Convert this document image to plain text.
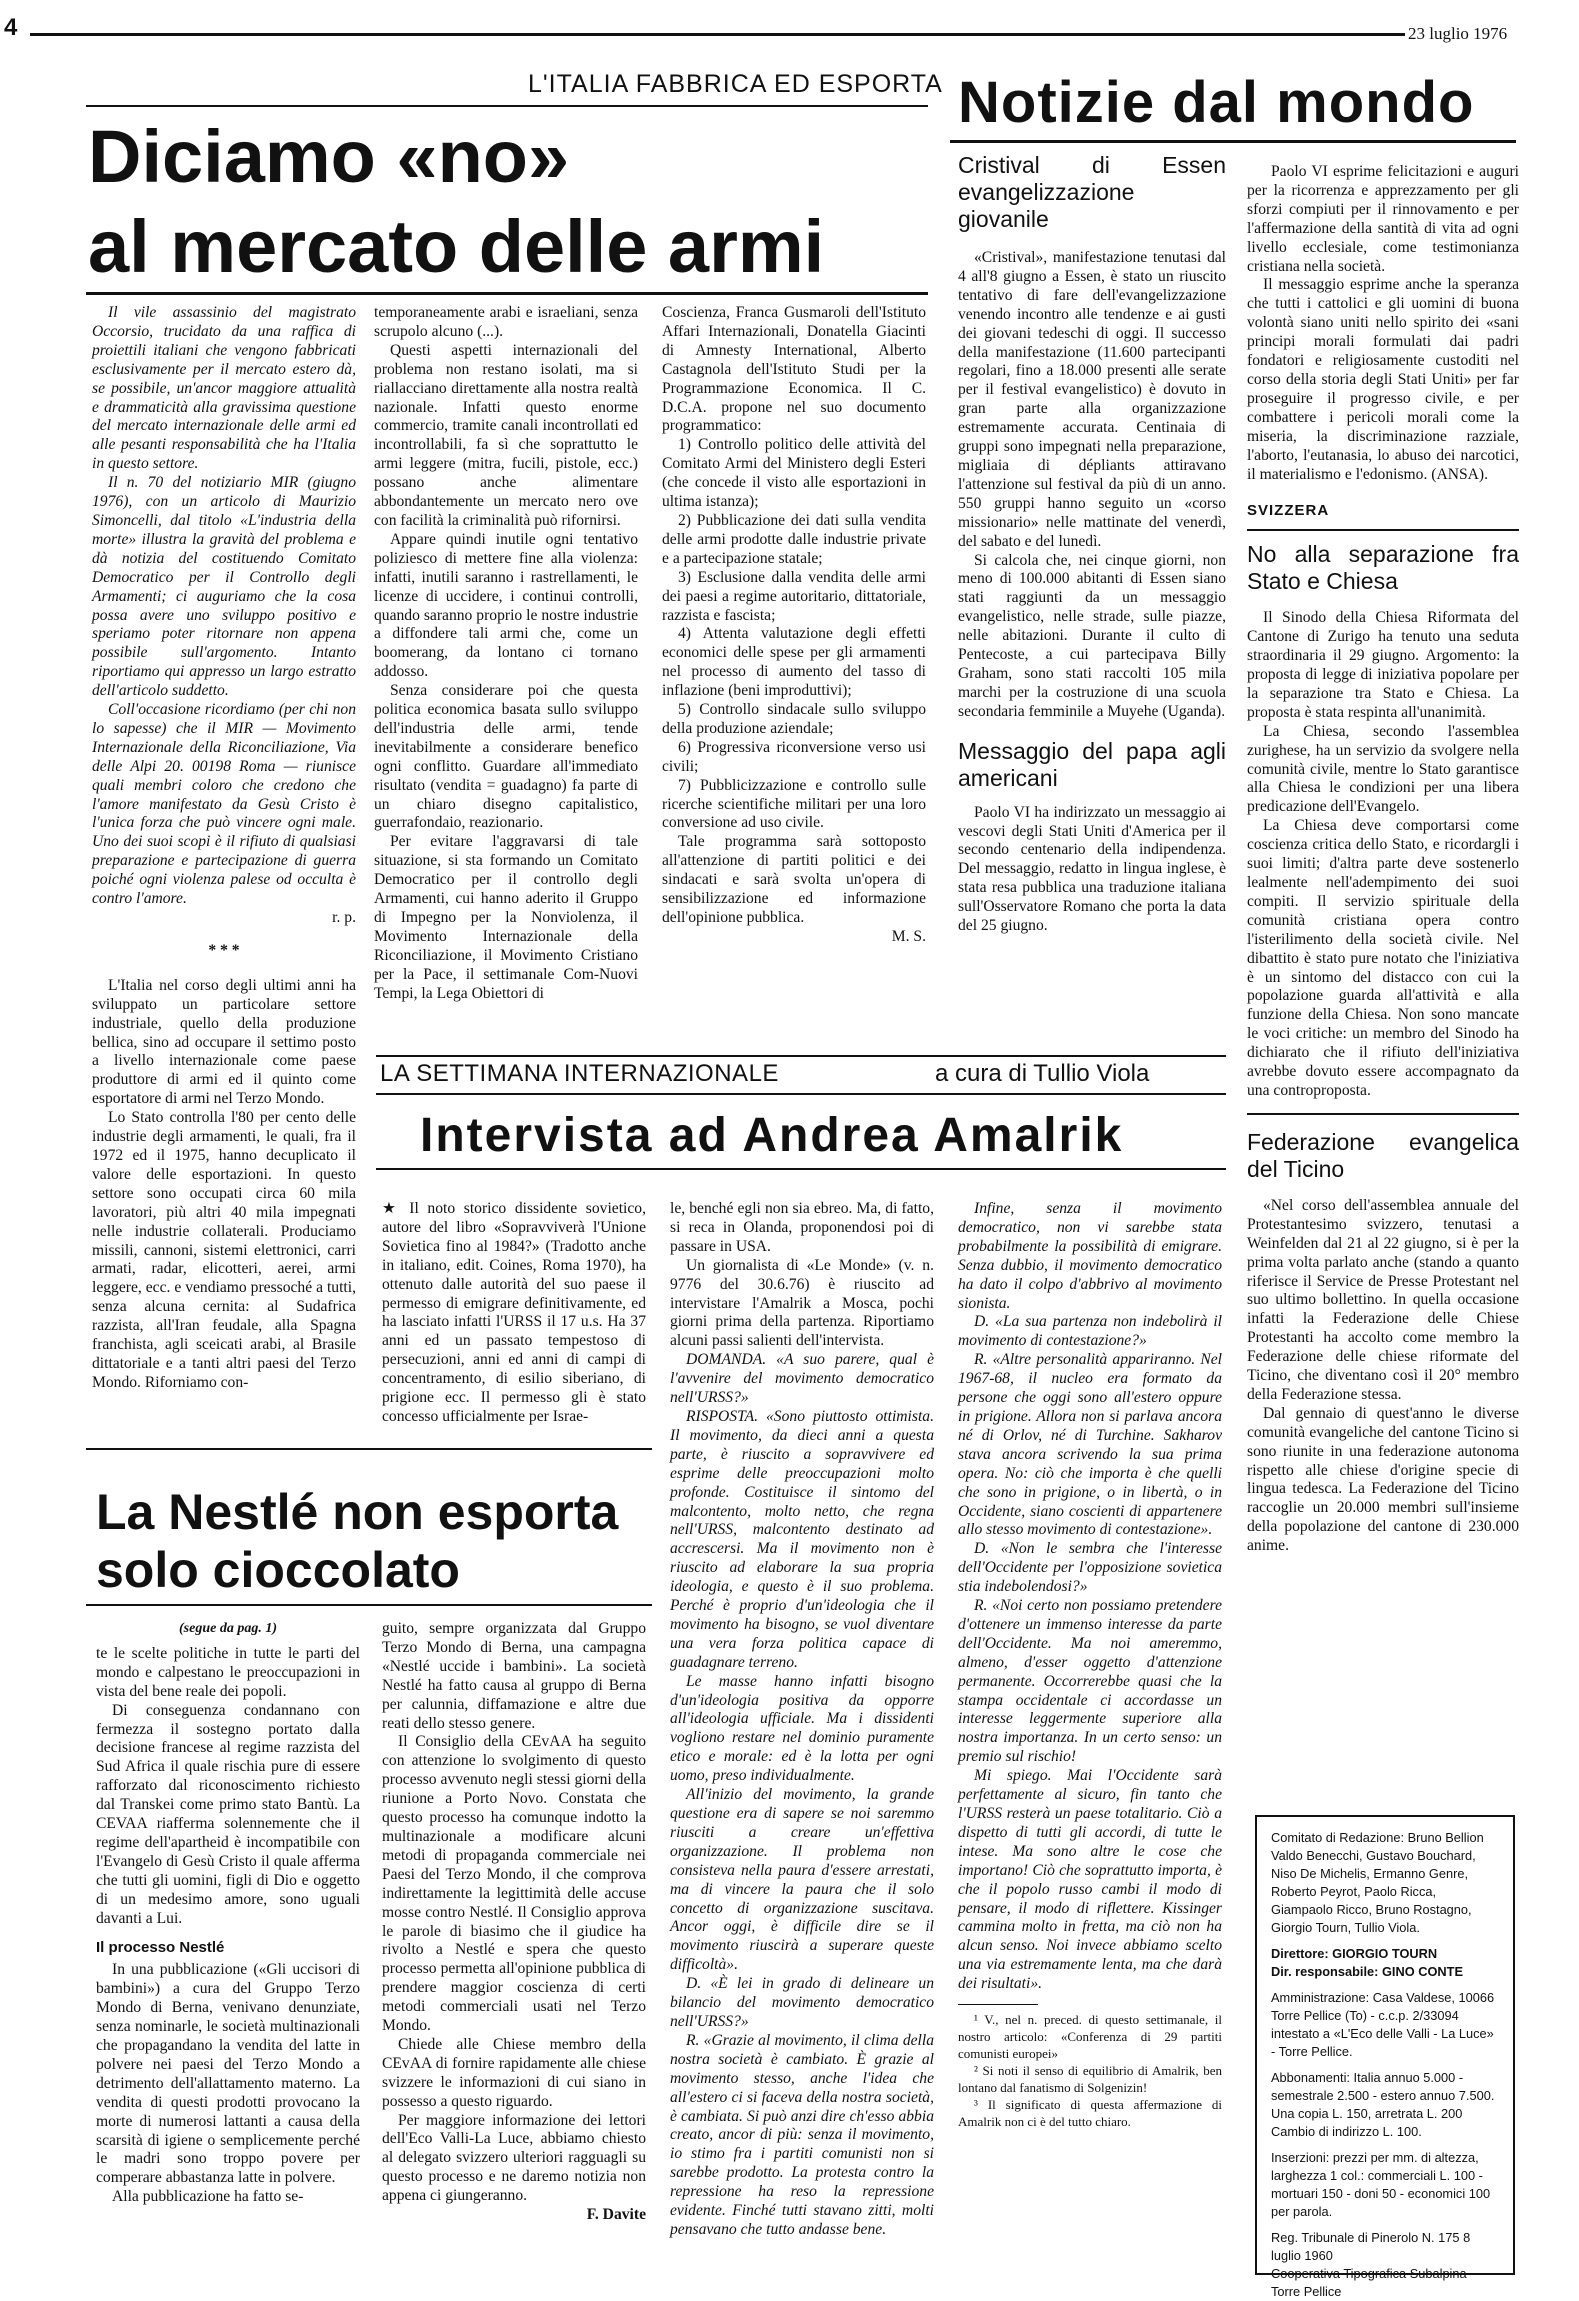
4	23 luglio 1976
L'ITALIA FABBRICA ED ESPORTA
Diciamo «no»
al mercato delle armi

Il vile assassinio del magistrato Occorsio, trucidato da una raffica di proiettili italiani che vengono fabbricati esclusivamente per il mercato estero dà, se possibile, un'ancor maggiore attualità e drammaticità alla gravissima questione del mercato internazionale delle armi ed alle pesanti responsabilità che ha l'Italia in questo settore.

Il n. 70 del notiziario MIR (giugno 1976), con un articolo di Maurizio Simoncelli, dal titolo «L'industria della morte» illustra la gravità del problema e dà notizia del costituendo Comitato Democratico per il Controllo degli Armamenti; ci auguriamo che la cosa possa avere uno sviluppo positivo e speriamo poter ritornare non appena possibile sull'argomento. Intanto riportiamo qui appresso un largo estratto dell'articolo suddetto.

Coll'occasione ricordiamo (per chi non lo sapesse) che il MIR — Movimento Internazionale della Riconciliazione, Via delle Alpi 20. 00198 Roma — riunisce quali membri coloro che credono che l'amore manifestato da Gesù Cristo è l'unica forza che può vincere ogni male. Uno dei suoi scopi è il rifiuto di qualsiasi preparazione e partecipazione di guerra poiché ogni violenza palese od occulta è contro l'amore.

r. p.
* * *

L'Italia nel corso degli ultimi anni ha sviluppato un particolare settore industriale, quello della produzione bellica, sino ad occupare il settimo posto a livello internazionale come paese produttore di armi ed il quinto come esportatore di armi nel Terzo Mondo.

Lo Stato controlla l'80 per cento delle industrie degli armamenti, le quali, fra il 1972 ed il 1975, hanno decuplicato il valore delle esportazioni. In questo settore sono occupati circa 60 mila lavoratori, più altri 40 mila impegnati nelle industrie collaterali. Produciamo missili, cannoni, sistemi elettronici, carri armati, radar, elicotteri, aerei, armi leggere, ecc. e vendiamo pressoché a tutti, senza alcuna cernita: al Sudafrica razzista, all'Iran feudale, alla Spagna franchista, agli sceicati arabi, al Brasile dittatoriale e a tanti altri paesi del Terzo Mondo. Riforniamo con-

temporaneamente arabi e israeliani, senza scrupolo alcuno (...).

Questi aspetti internazionali del problema non restano isolati, ma si riallacciano direttamente alla nostra realtà nazionale. Infatti questo enorme commercio, tramite canali incontrollati ed incontrollabili, fa sì che soprattutto le armi leggere (mitra, fucili, pistole, ecc.) possano anche alimentare abbondantemente un mercato nero ove con facilità la criminalità può rifornirsi.

Appare quindi inutile ogni tentativo poliziesco di mettere fine alla violenza: infatti, inutili saranno i rastrellamenti, le licenze di uccidere, i continui controlli, quando saranno proprio le nostre industrie a diffondere tali armi che, come un boomerang, da lontano ci tornano addosso.

Senza considerare poi che questa politica economica basata sullo sviluppo dell'industria delle armi, tende inevitabilmente a considerare benefico ogni conflitto. Guardare all'immediato risultato (vendita = guadagno) fa parte di un chiaro disegno capitalistico, guerrafondaio, reazionario.

Per evitare l'aggravarsi di tale situazione, si sta formando un Comitato Democratico per il controllo degli Armamenti, cui hanno aderito il Gruppo di Impegno per la Nonviolenza, il Movimento Internazionale della Riconciliazione, il Movimento Cristiano per la Pace, il settimanale Com-Nuovi Tempi, la Lega Obiettori di

Coscienza, Franca Gusmaroli dell'Istituto Affari Internazionali, Donatella Giacinti di Amnesty International, Alberto Castagnola dell'Istituto Studi per la Programmazione Economica. Il C. D.C.A. propone nel suo documento programmatico:

1) Controllo politico delle attività del Comitato Armi del Ministero degli Esteri (che concede il visto alle esportazioni in ultima istanza);

2) Pubblicazione dei dati sulla vendita delle armi prodotte dalle industrie private e a partecipazione statale;

3) Esclusione dalla vendita delle armi dei paesi a regime autoritario, dittatoriale, razzista e fascista;

4) Attenta valutazione degli effetti economici delle spese per gli armamenti nel processo di aumento del tasso di inflazione (beni improduttivi);

5) Controllo sindacale sullo sviluppo della produzione aziendale;

6) Progressiva riconversione verso usi civili;

7) Pubblicizzazione e controllo sulle ricerche scientifiche militari per una loro conversione ad uso civile.

Tale programma sarà sottoposto all'attenzione di partiti politici e dei sindacati e sarà svolta un'opera di sensibilizzazione ed informazione dell'opinione pubblica.

M. S.
Notizie dal mondo
Cristival di Essen evangelizzazione giovanile

«Cristival», manifestazione tenutasi dal 4 all'8 giugno a Essen, è stato un riuscito tentativo di fare dell'evangelizzazione venendo incontro alle tendenze e ai gusti dei giovani tedeschi di oggi. Il successo della manifestazione (11.600 partecipanti regolari, fino a 18.000 presenti alle serate per il festival evangelistico) è dovuto in gran parte alla organizzazione estremamente accurata. Centinaia di gruppi sono impegnati nella preparazione, migliaia di dépliants attiravano l'attenzione sul festival da più di un anno. 550 gruppi hanno seguito un «corso missionario» nelle mattinate del venerdì, del sabato e del lunedì.

Si calcola che, nei cinque giorni, non meno di 100.000 abitanti di Essen siano stati raggiunti da un messaggio evangelistico, nelle strade, sulle piazze, nelle abitazioni. Durante il culto di Pentecoste, a cui partecipava Billy Graham, sono stati raccolti 105 mila marchi per la costruzione di una scuola secondaria femminile a Muyehe (Uganda).

Messaggio del papa agli americani

Paolo VI ha indirizzato un messaggio ai vescovi degli Stati Uniti d'America per il secondo centenario della indipendenza. Del messaggio, redatto in lingua inglese, è stata resa pubblica una traduzione italiana sull'Osservatore Romano che porta la data del 25 giugno.

Paolo VI esprime felicitazioni e auguri per la ricorrenza e apprezzamento per gli sforzi compiuti per il rinnovamento e per l'affermazione della santità di vita ad ogni livello ecclesiale, come testimonianza cristiana nella società.

Il messaggio esprime anche la speranza che tutti i cattolici e gli uomini di buona volontà siano uniti nello spirito dei «sani principi morali formulati dai padri fondatori e religiosamente custoditi nel corso della storia degli Stati Uniti» per far proseguire il progresso civile, e per combattere i pericoli morali come la miseria, la discriminazione razziale, l'aborto, l'eutanasia, lo abuso dei narcotici, il materialismo e l'edonismo. (ANSA).

SVIZZERA
No alla separazione fra Stato e Chiesa

Il Sinodo della Chiesa Riformata del Cantone di Zurigo ha tenuto una seduta straordinaria il 29 giugno. Argomento: la proposta di legge di iniziativa popolare per la separazione tra Stato e Chiesa. La proposta è stata respinta all'unanimità.

La Chiesa, secondo l'assemblea zurighese, ha un servizio da svolgere nella comunità civile, mentre lo Stato garantisce alla Chiesa le condizioni per una libera predicazione dell'Evangelo.

La Chiesa deve comportarsi come coscienza critica dello Stato, e ricordargli i suoi limiti; d'altra parte deve sostenerlo lealmente nell'adempimento dei suoi compiti. Il servizio spirituale della comunità cristiana opera contro l'isterilimento della società civile. Nel dibattito è stato pure notato che l'iniziativa è un sintomo del distacco con cui la popolazione guarda all'attività e alla funzione della Chiesa. Non sono mancate le voci critiche: un membro del Sinodo ha dichiarato che il rifiuto dell'iniziativa avrebbe dovuto essere accompagnato da una controproposta.

Federazione evangelica del Ticino

«Nel corso dell'assemblea annuale del Protestantesimo svizzero, tenutasi a Weinfelden dal 21 al 22 giugno, si è per la prima volta parlato anche (stando a quanto riferisce il Service de Presse Protestant nel suo ultimo bollettino. In quella occasione infatti la Federazione delle Chiese Protestanti ha accolto come membro la Federazione delle chiese riformate del Ticino, che diventano così il 20° membro della Federazione stessa.

Dal gennaio di quest'anno le diverse comunità evangeliche del cantone Ticino si sono riunite in una federazione autonoma rispetto alle chiese d'origine specie di lingua tedesca. La Federazione del Ticino raccoglie un 20.000 membri sull'insieme della popolazione del cantone di 230.000 anime.

Comitato di Redazione: Bruno Bellion Valdo Benecchi, Gustavo Bouchard, Niso De Michelis, Ermanno Genre, Roberto Peyrot, Paolo Ricca, Giampaolo Ricco, Bruno Rostagno, Giorgio Tourn, Tullio Viola.
Direttore: GIORGIO TOURN
Dir. responsabile: GINO CONTE
Amministrazione: Casa Valdese, 10066 Torre Pellice (To) - c.c.p. 2/33094 intestato a «L'Eco delle Valli - La Luce» - Torre Pellice.
Abbonamenti: Italia annuo 5.000 - semestrale 2.500 - estero annuo 7.500.
Una copia L. 150, arretrata L. 200 Cambio di indirizzo L. 100.
Inserzioni: prezzi per mm. di altezza, larghezza 1 col.: commerciali L. 100 - mortuari 150 - doni 50 - economici 100 per parola.
Reg. Tribunale di Pinerolo N. 175 8 luglio 1960
Cooperativa Tipografica Subalpina Torre Pellice
LA SETTIMANA INTERNAZIONALE	a cura di Tullio Viola
Intervista ad Andrea Amalrik

★ Il noto storico dissidente sovietico, autore del libro «Sopravviverà l'Unione Sovietica fino al 1984?» (Tradotto anche in italiano, edit. Coines, Roma 1970), ha ottenuto dalle autorità del suo paese il permesso di emigrare definitivamente, ed ha lasciato infatti l'URSS il 17 u.s. Ha 37 anni ed un passato tempestoso di persecuzioni, anni ed anni di campi di concentramento, di esilio siberiano, di prigione ecc. Il permesso gli è stato concesso ufficialmente per Israe-

le, benché egli non sia ebreo. Ma, di fatto, si reca in Olanda, proponendosi poi di passare in USA.

Un giornalista di «Le Monde» (v. n. 9776 del 30.6.76) è riuscito ad intervistare l'Amalrik a Mosca, pochi giorni prima della partenza. Riportiamo alcuni passi salienti dell'intervista.

DOMANDA. «A suo parere, qual è l'avvenire del movimento democratico nell'URSS?»

RISPOSTA. «Sono piuttosto ottimista. Il movimento, da dieci anni a questa parte, è riuscito a sopravvivere ed esprime delle preoccupazioni molto profonde. Costituisce il sintomo del malcontento, molto netto, che regna nell'URSS, malcontento destinato ad accrescersi. Ma il movimento non è riuscito ad elaborare la sua propria ideologia, e questo è il suo problema. Perché è proprio d'un'ideologia che il movimento ha bisogno, se vuol diventare una vera forza politica capace di guadagnare terreno.

Le masse hanno infatti bisogno d'un'ideologia positiva da opporre all'ideologia ufficiale. Ma i dissidenti vogliono restare nel dominio puramente etico e morale: ed è la lotta per ogni uomo, preso individualmente.

All'inizio del movimento, la grande questione era di sapere se noi saremmo riusciti a creare un'effettiva organizzazione. Il problema non consisteva nella paura d'essere arrestati, ma di vincere la paura che il solo concetto di organizzazione suscitava. Ancor oggi, è difficile dire se il movimento riuscirà a superare queste difficoltà».

D. «È lei in grado di delineare un bilancio del movimento democratico nell'URSS?»

R. «Grazie al movimento, il clima della nostra società è cambiato. È grazie al movimento stesso, anche l'idea che all'estero ci si faceva della nostra società, è cambiata. Si può anzi dire ch'esso abbia creato, ancor di più: senza il movimento, io stimo fra i partiti comunisti non si sarebbe prodotto. La protesta contro la repressione ha reso la repressione evidente. Finché tutti stavano zitti, molti pensavano che tutto andasse bene.

Infine, senza il movimento democratico, non vi sarebbe stata probabilmente la possibilità di emigrare. Senza dubbio, il movimento democratico ha dato il colpo d'abbrivo al movimento sionista.

D. «La sua partenza non indebolirà il movimento di contestazione?»

R. «Altre personalità appariranno. Nel 1967-68, il nucleo era formato da persone che oggi sono all'estero oppure in prigione. Allora non si parlava ancora né di Orlov, né di Turchine. Sakharov stava ancora scrivendo la sua prima opera. No: ciò che importa è che quelli che sono in prigione, o in libertà, o in Occidente, siano coscienti di appartenere allo stesso movimento di contestazione».

D. «Non le sembra che l'interesse dell'Occidente per l'opposizione sovietica stia indebolendosi?»

R. «Noi certo non possiamo pretendere d'ottenere un immenso interesse da parte dell'Occidente. Ma noi ameremmo, almeno, d'esser oggetto d'attenzione permanente. Occorrerebbe quasi che la stampa occidentale ci accordasse un interesse leggermente superiore alla nostra importanza. In un certo senso: un premio sul rischio!

Mi spiego. Mai l'Occidente sarà perfettamente al sicuro, fin tanto che l'URSS resterà un paese totalitario. Ciò a dispetto di tutti gli accordi, di tutte le intese. Ma sono altre le cose che importano! Ciò che soprattutto importa, è che il popolo russo cambi il modo di pensare, il modo di riflettere. Kissinger cammina molto in fretta, ma ciò non ha alcun senso. Noi invece abbiamo scelto una via estremamente lenta, ma che darà dei risultati».

¹ V., nel n. preced. di questo settimanale, il nostro articolo: «Conferenza di 29 partiti comunisti europei»

² Si noti il senso di equilibrio di Amalrik, ben lontano dal fanatismo di Solgenizin!

³ Il significato di questa affermazione di Amalrik non ci è del tutto chiaro.

La Nestlé non esporta
solo cioccolato
(segue da pag. 1)

te le scelte politiche in tutte le parti del mondo e calpestano le preoccupazioni in vista del bene reale dei popoli.

Di conseguenza condannano con fermezza il sostegno portato dalla decisione francese al regime razzista del Sud Africa il quale rischia pure di essere rafforzato dal riconoscimento richiesto dal Transkei come primo stato Bantù. La CEVAA riafferma solennemente che il regime dell'apartheid è incompatibile con l'Evangelo di Gesù Cristo il quale afferma che tutti gli uomini, figli di Dio e oggetto di un medesimo amore, sono uguali davanti a Lui.

Il processo Nestlé

In una pubblicazione («Gli uccisori di bambini») a cura del Gruppo Terzo Mondo di Berna, venivano denunziate, senza nominarle, le società multinazionali che propagandano la vendita del latte in polvere nei paesi del Terzo Mondo a detrimento dell'allattamento materno. La vendita di questi prodotti provocano la morte di numerosi lattanti a causa della scarsità di igiene o semplicemente perché le madri sono troppo povere per comperare abbastanza latte in polvere.

Alla pubblicazione ha fatto se-

guito, sempre organizzata dal Gruppo Terzo Mondo di Berna, una campagna «Nestlé uccide i bambini». La società Nestlé ha fatto causa al gruppo di Berna per calunnia, diffamazione e altre due reati dello stesso genere.

Il Consiglio della CEvAA ha seguito con attenzione lo svolgimento di questo processo avvenuto negli stessi giorni della riunione a Porto Novo. Constata che questo processo ha comunque indotto la multinazionale a modificare alcuni metodi di propaganda commerciale nei Paesi del Terzo Mondo, il che comprova indirettamente la legittimità delle accuse mosse contro Nestlé. Il Consiglio approva le parole di biasimo che il giudice ha rivolto a Nestlé e spera che questo processo permetta all'opinione pubblica di prendere maggior coscienza di certi metodi commerciali usati nel Terzo Mondo.

Chiede alle Chiese membro della CEvAA di fornire rapidamente alle chiese svizzere le informazioni di cui siano in possesso a questo riguardo.

Per maggiore informazione dei lettori dell'Eco Valli-La Luce, abbiamo chiesto al delegato svizzero ulteriori ragguagli su questo processo e ne daremo notizia non appena ci giungeranno.

F. Davite
